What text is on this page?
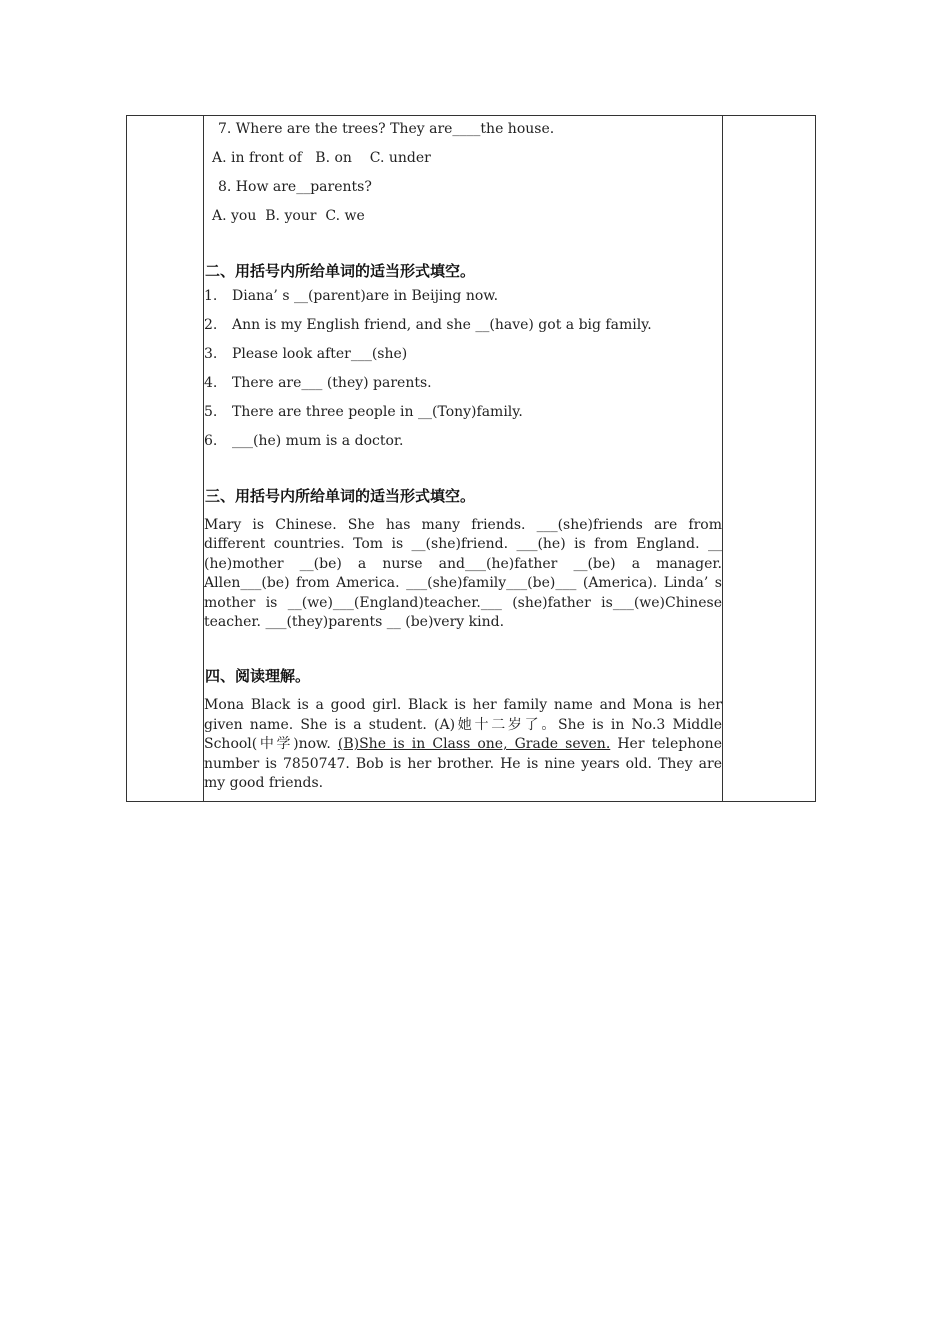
7. Where are the trees? They are____the house.
A. in front of   B. on    C. under
8. How are__parents?
A. you  B. your  C. we
二、用括号内所给单词的适当形式填空。
1.	Diana’ s __(parent)are in Beijing now.
2.	Ann is my English friend, and she __(have) got a big family.
3.	Please look after___(she)
4.	There are___ (they) parents.
5.	There are three people in __(Tony)family.
6.	___(he) mum is a doctor.
三、用括号内所给单词的适当形式填空。
Mary is Chinese. She has many friends. ___(she)friends are from different countries. Tom is __(she)friend. ___(he) is from England. __ (he)mother __(be) a nurse and___(he)father __(be) a manager. Allen___(be) from America. ___(she)family___(be)___ (America). Linda’ s mother is __(we)___(England)teacher.___ (she)father is___(we)Chinese teacher. ___(they)parents __ (be)very kind.
四、阅读理解。
Mona Black is a good girl. Black is her family name and Mona is her given name. She is a student. (A)她十二岁了。She is in No.3 Middle School(中学)now. (B)She is in Class one, Grade seven. Her telephone number is 7850747. Bob is her brother. He is nine years old. They are my good friends.
